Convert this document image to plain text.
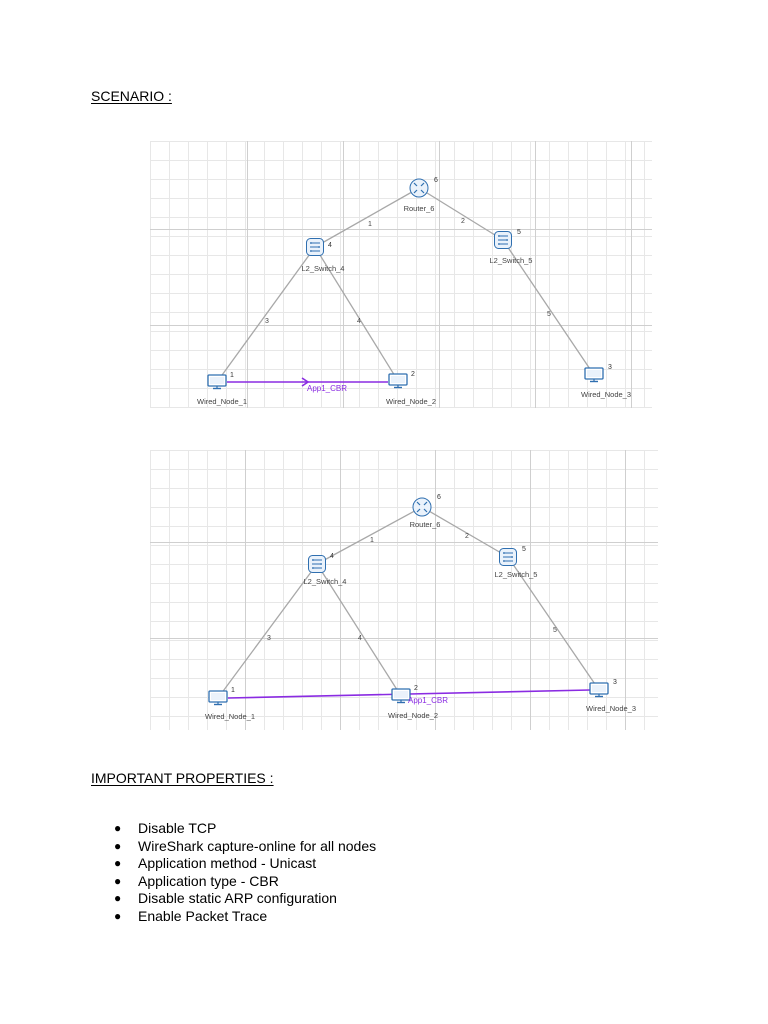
SCENARIO :
1	2
3	4
5
6
Router_6
4
L2_Switch_4
5
L2_Switch_5
1
Wired_Node_1
2
Wired_Node_2
3
Wired_Node_3
App1_CBR
1
2
3	4
5
6
Router_6
4
L2_Switch_4
5
L2_Switch_5
1
Wired_Node_1
2
Wired_Node_2
3
Wired_Node_3
App1_CBR
IMPORTANT PROPERTIES :
● Disable TCP
● WireShark capture-online for all nodes
● Application method - Unicast
● Application type - CBR
● Disable static ARP configuration
● Enable Packet Trace
